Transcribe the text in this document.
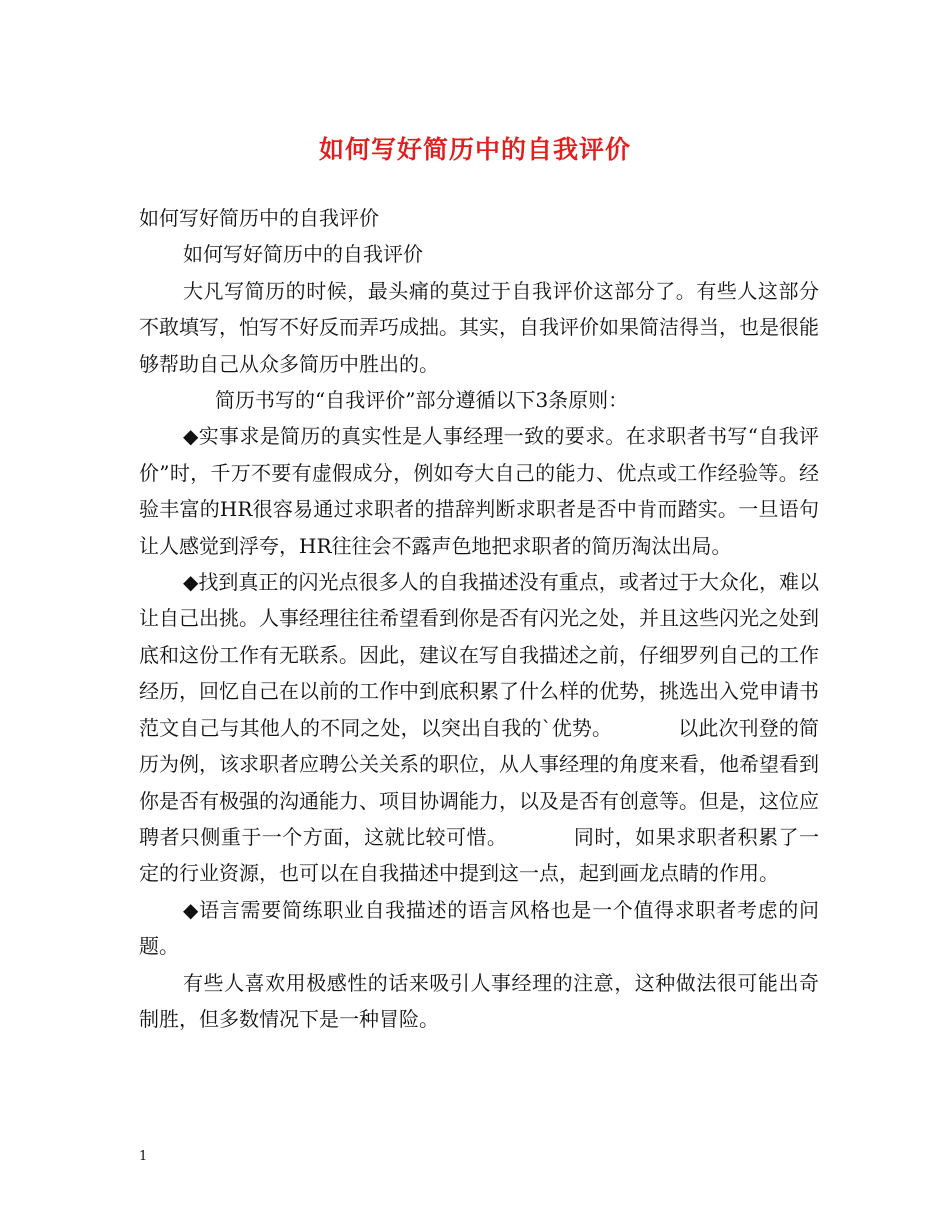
如何写好简历中的自我评价

如何写好简历中的自我评价

如何写好简历中的自我评价

大凡写简历的时候，最头痛的莫过于自我评价这部分了。有些人这部分不敢填写，怕写不好反而弄巧成拙。其实，自我评价如果简洁得当，也是很能够帮助自己从众多简历中胜出的。

简历书写的“自我评价”部分遵循以下3条原则：

◆实事求是简历的真实性是人事经理一致的要求。在求职者书写“自我评价”时，千万不要有虚假成分，例如夸大自己的能力、优点或工作经验等。经验丰富的HR很容易通过求职者的措辞判断求职者是否中肯而踏实。一旦语句让人感觉到浮夸，HR往往会不露声色地把求职者的简历淘汰出局。

◆找到真正的闪光点很多人的自我描述没有重点，或者过于大众化，难以让自己出挑。人事经理往往希望看到你是否有闪光之处，并且这些闪光之处到底和这份工作有无联系。因此，建议在写自我描述之前，仔细罗列自己的工作经历，回忆自己在以前的工作中到底积累了什么样的优势，挑选出入党申请书范文自己与其他人的不同之处，以突出自我的`优势。	以此次刊登的简历为例，该求职者应聘公关关系的职位，从人事经理的角度来看，他希望看到你是否有极强的沟通能力、项目协调能力，以及是否有创意等。但是，这位应聘者只侧重于一个方面，这就比较可惜。	同时，如果求职者积累了一定的行业资源，也可以在自我描述中提到这一点，起到画龙点睛的作用。

◆语言需要简练职业自我描述的语言风格也是一个值得求职者考虑的问题。

有些人喜欢用极感性的话来吸引人事经理的注意，这种做法很可能出奇制胜，但多数情况下是一种冒险。

1
